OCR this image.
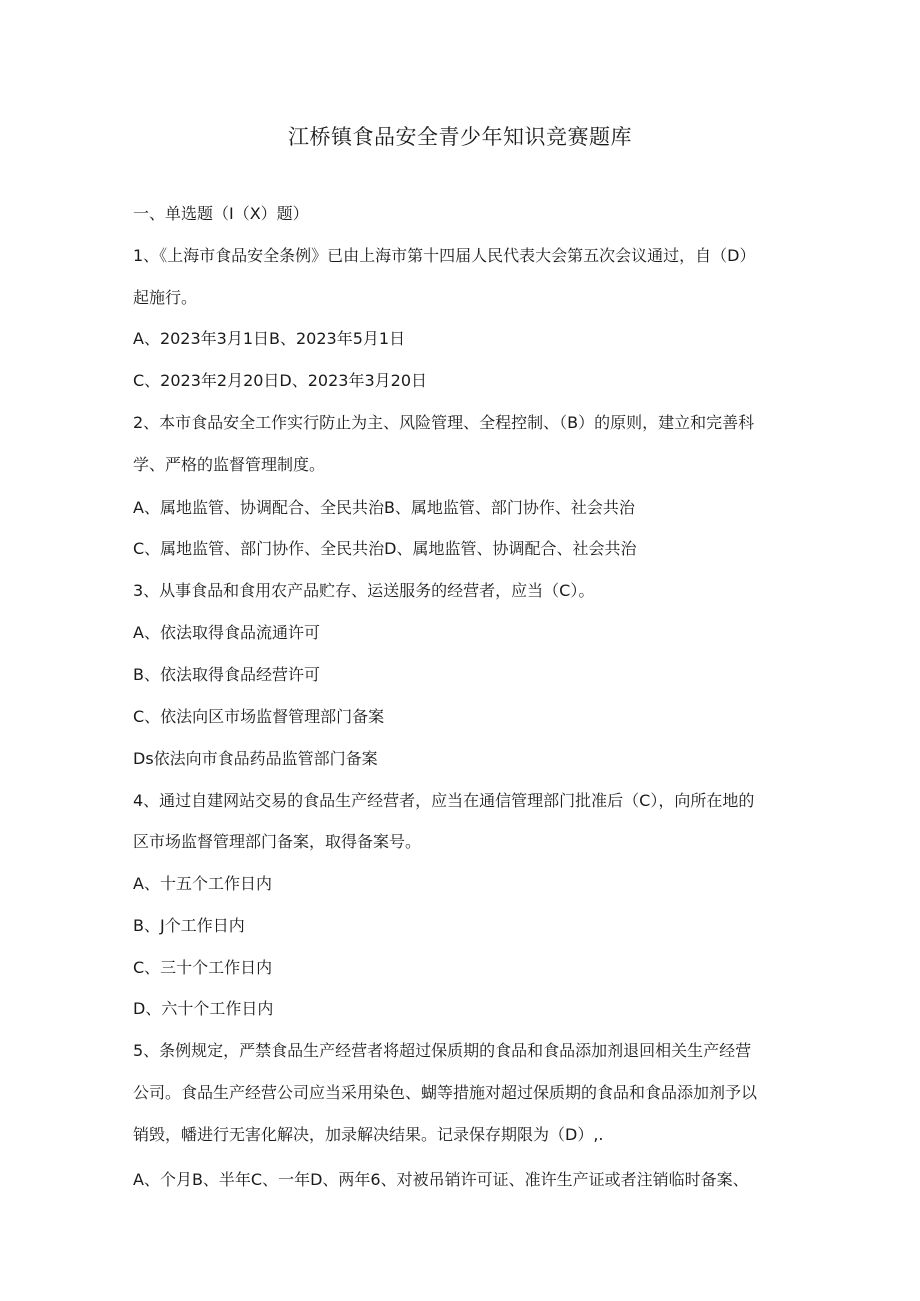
江桥镇食品安全青少年知识竞赛题库
一、单选题（I（X）题）
1、《上海市食品安全条例》已由上海市第十四届人民代表大会第五次会议通过，自（D）
起施行。
A、2023年3月1日B、2023年5月1日
C、2023年2月20日D、2023年3月20日
2、本市食品安全工作实行防止为主、风险管理、全程控制、（B）的原则，建立和完善科
学、严格的监督管理制度。
A、属地监管、协调配合、全民共治B、属地监管、部门协作、社会共治
C、属地监管、部门协作、全民共治D、属地监管、协调配合、社会共治
3、从事食品和食用农产品贮存、运送服务的经营者，应当（C）。
A、依法取得食品流通许可
B、依法取得食品经营许可
C、依法向区市场监督管理部门备案
Ds依法向市食品药品监管部门备案
4、通过自建网站交易的食品生产经营者，应当在通信管理部门批准后（C），向所在地的
区市场监督管理部门备案，取得备案号。
A、十五个工作日内
B、J个工作日内
C、三十个工作日内
D、六十个工作日内
5、条例规定，严禁食品生产经营者将超过保质期的食品和食品添加剂退回相关生产经营
公司。食品生产经营公司应当采用染色、蝴等措施对超过保质期的食品和食品添加剂予以
销毁，幡进行无害化解决，加录解决结果。记录保存期限为（D）,.
A、个月B、半年C、一年D、两年6、对被吊销许可证、准许生产证或者注销临时备案、
